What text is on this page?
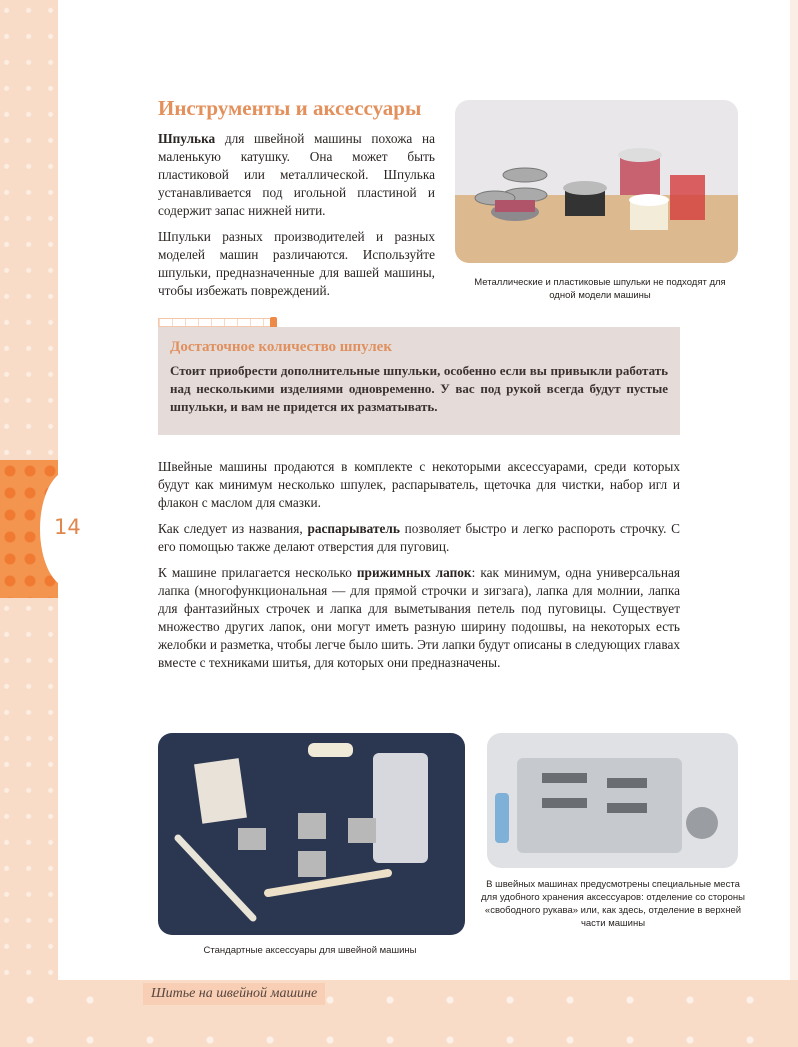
14
Шитье на швейной машине
Инструменты и аксессуары
Шпулька для швейной машины похожа на маленькую катушку. Она может быть пластиковой или металлической. Шпулька устанавливается под игольной пластиной и содержит запас нижней нити.
Шпульки разных производителей и разных моделей машин различаются. Используйте шпульки, предназначенные для вашей машины, чтобы избежать повреждений.
Металлические и пластиковые шпульки не подходят для одной модели машины
Достаточное количество шпулек

Стоит приобрести дополнительные шпульки, особенно если вы привыкли работать над несколькими изделиями одновременно. У вас под рукой всегда будут пустые шпульки, и вам не придется их разматывать.

Швейные машины продаются в комплекте с некоторыми аксессуарами, среди которых будут как минимум несколько шпулек, распарыватель, щеточка для чистки, набор игл и флакон с маслом для смазки.
Как следует из названия, распарыватель позволяет быстро и легко распороть строчку. С его помощью также делают отверстия для пуговиц.
К машине прилагается несколько прижимных лапок: как минимум, одна универсальная лапка (многофункциональная — для прямой строчки и зигзага), лапка для молнии, лапка для фантазийных строчек и лапка для выметывания петель под пуговицы. Существует множество других лапок, они могут иметь разную ширину подошвы, на некоторых есть желобки и разметка, чтобы легче было шить. Эти лапки будут описаны в следующих главах вместе с техниками шитья, для которых они предназначены.
Стандартные аксессуары для швейной машины
В швейных машинах предусмотрены специальные места для удобного хранения аксессуаров: отделение со стороны «свободного рукава» или, как здесь, отделение в верхней части машины
